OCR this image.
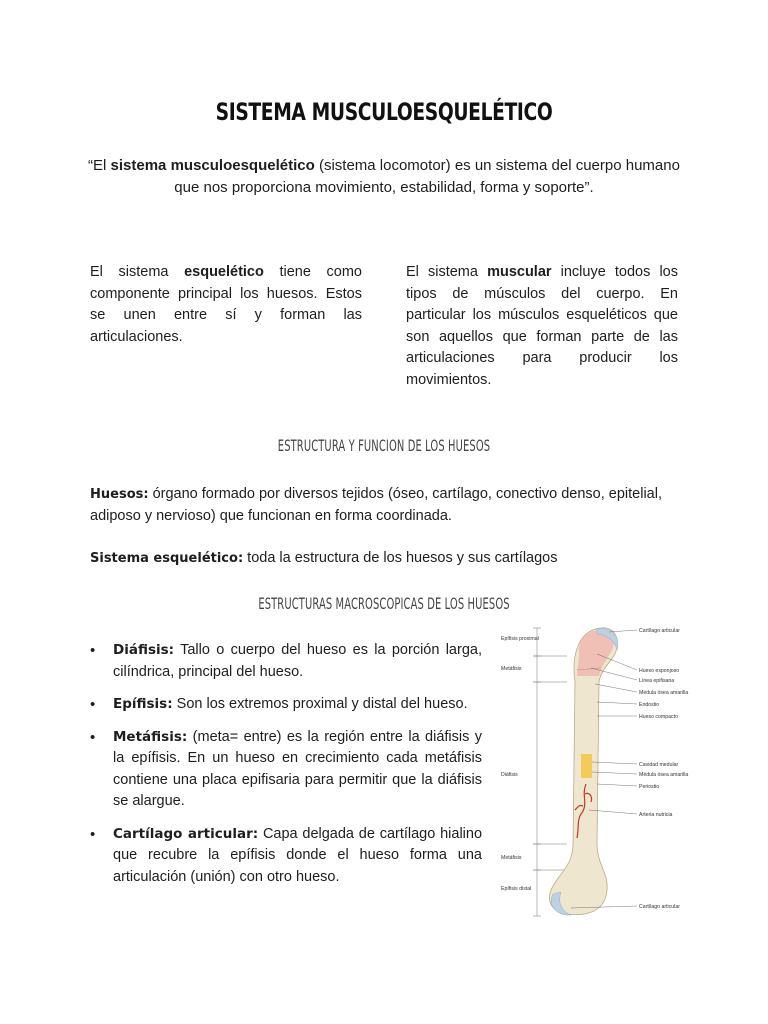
SISTEMA MUSCULOESQUELÉTICO
“El sistema musculoesquelético (sistema locomotor) es un sistema del cuerpo humano que nos proporciona movimiento, estabilidad, forma y soporte”.
El sistema esquelético tiene como componente principal los huesos. Estos se unen entre sí y forman las articulaciones.
El sistema muscular incluye todos los tipos de músculos del cuerpo. En particular los músculos esqueléticos que son aquellos que forman parte de las articulaciones para producir los movimientos.
ESTRUCTURA Y FUNCION DE LOS HUESOS
Huesos: órgano formado por diversos tejidos (óseo, cartílago, conectivo denso, epitelial, adiposo y nervioso) que funcionan en forma coordinada.
Sistema esquelético: toda la estructura de los huesos y sus cartílagos
ESTRUCTURAS MACROSCOPICAS DE LOS HUESOS
• Diáfisis: Tallo o cuerpo del hueso es la porción larga, cilíndrica, principal del hueso.
• Epífisis: Son los extremos proximal y distal del hueso.
• Metáfisis: (meta= entre) es la región entre la diáfisis y la epífisis. En un hueso en crecimiento cada metáfisis contiene una placa epifisaria para permitir que la diáfisis se alargue.
• Cartílago articular: Capa delgada de cartílago hialino que recubre la epífisis donde el hueso forma una articulación (unión) con otro hueso.
Epífisis proximal
Metáfisis
Diáfisis
Metáfisis
Epífisis distal
Cartílago articular
Hueso esponjoso
Línea epifisaria
Médula ósea amarilla
Endostio
Hueso compacto
Cavidad medular
Médula ósea amarilla
Periostio
Arteria nutricia
Cartílago articular
